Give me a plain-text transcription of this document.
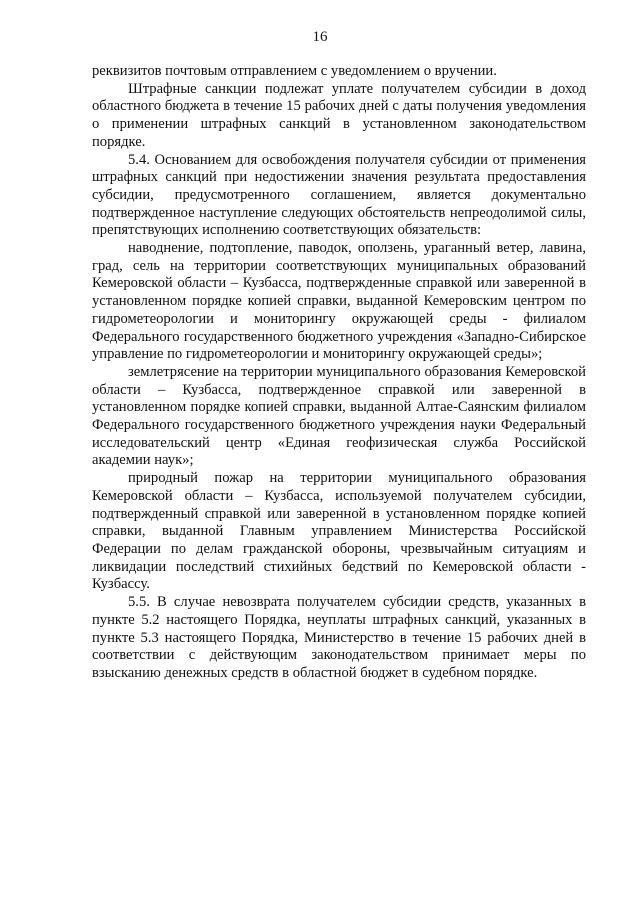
16

реквизитов почтовым отправлением с уведомлением о вручении.

Штрафные санкции подлежат уплате получателем субсидии в доход областного бюджета в течение 15 рабочих дней с даты получения уведомления о применении штрафных санкций в установленном законодательством порядке.

5.4. Основанием для освобождения получателя субсидии от применения штрафных санкций при недостижении значения результата предоставления субсидии, предусмотренного соглашением, является документально подтвержденное наступление следующих обстоятельств непреодолимой силы, препятствующих исполнению соответствующих обязательств:

наводнение, подтопление, паводок, оползень, ураганный ветер, лавина, град, сель на территории соответствующих муниципальных образований Кемеровской области – Кузбасса, подтвержденные справкой или заверенной в установленном порядке копией справки, выданной Кемеровским центром по гидрометеорологии и мониторингу окружающей среды - филиалом Федерального государственного бюджетного учреждения «Западно-Сибирское управление по гидрометеорологии и мониторингу окружающей среды»;

землетрясение на территории муниципального образования Кемеровской области – Кузбасса, подтвержденное справкой или заверенной в установленном порядке копией справки, выданной Алтае-Саянским филиалом Федерального государственного бюджетного учреждения науки Федеральный исследовательский центр «Единая геофизическая служба Российской академии наук»;

природный пожар на территории муниципального образования Кемеровской области – Кузбасса, используемой получателем субсидии, подтвержденный справкой или заверенной в установленном порядке копией справки, выданной Главным управлением Министерства Российской Федерации по делам гражданской обороны, чрезвычайным ситуациям и ликвидации последствий стихийных бедствий по Кемеровской области - Кузбассу.

5.5. В случае невозврата получателем субсидии средств, указанных в пункте 5.2 настоящего Порядка, неуплаты штрафных санкций, указанных в пункте 5.3 настоящего Порядка, Министерство в течение 15 рабочих дней в соответствии с действующим законодательством принимает меры по взысканию денежных средств в областной бюджет в судебном порядке.
